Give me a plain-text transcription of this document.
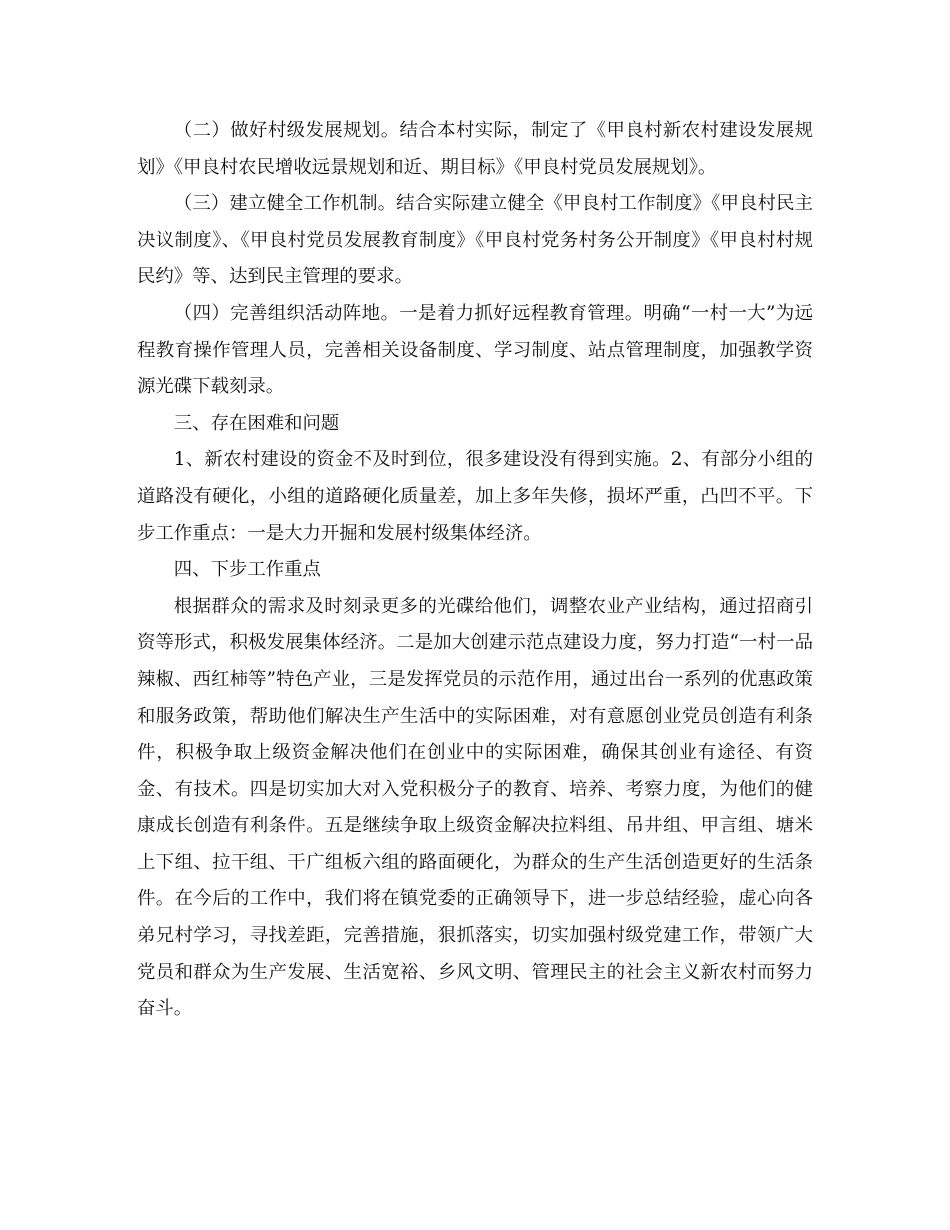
（二）做好村级发展规划。结合本村实际，制定了《甲良村新农村建设发展规划》《甲良村农民增收远景规划和近、期目标》《甲良村党员发展规划》。

（三）建立健全工作机制。结合实际建立健全《甲良村工作制度》《甲良村民主决议制度》、《甲良村党员发展教育制度》《甲良村党务村务公开制度》《甲良村村规民约》等、达到民主管理的要求。

（四）完善组织活动阵地。一是着力抓好远程教育管理。明确“一村一大”为远程教育操作管理人员，完善相关设备制度、学习制度、站点管理制度，加强教学资源光碟下载刻录。

三、存在困难和问题

1、新农村建设的资金不及时到位，很多建设没有得到实施。2、有部分小组的道路没有硬化，小组的道路硬化质量差，加上多年失修，损坏严重，凸凹不平。下步工作重点：一是大力开掘和发展村级集体经济。

四、下步工作重点

根据群众的需求及时刻录更多的光碟给他们，调整农业产业结构，通过招商引资等形式，积极发展集体经济。二是加大创建示范点建设力度，努力打造“一村一品辣椒、西红柿等”特色产业，三是发挥党员的示范作用，通过出台一系列的优惠政策和服务政策，帮助他们解决生产生活中的实际困难，对有意愿创业党员创造有利条件，积极争取上级资金解决他们在创业中的实际困难，确保其创业有途径、有资金、有技术。四是切实加大对入党积极分子的教育、培养、考察力度，为他们的健康成长创造有利条件。五是继续争取上级资金解决拉料组、吊井组、甲言组、塘米上下组、拉干组、干广组板六组的路面硬化，为群众的生产生活创造更好的生活条件。在今后的工作中，我们将在镇党委的正确领导下，进一步总结经验，虚心向各弟兄村学习，寻找差距，完善措施，狠抓落实，切实加强村级党建工作，带领广大党员和群众为生产发展、生活宽裕、乡风文明、管理民主的社会主义新农村而努力奋斗。
